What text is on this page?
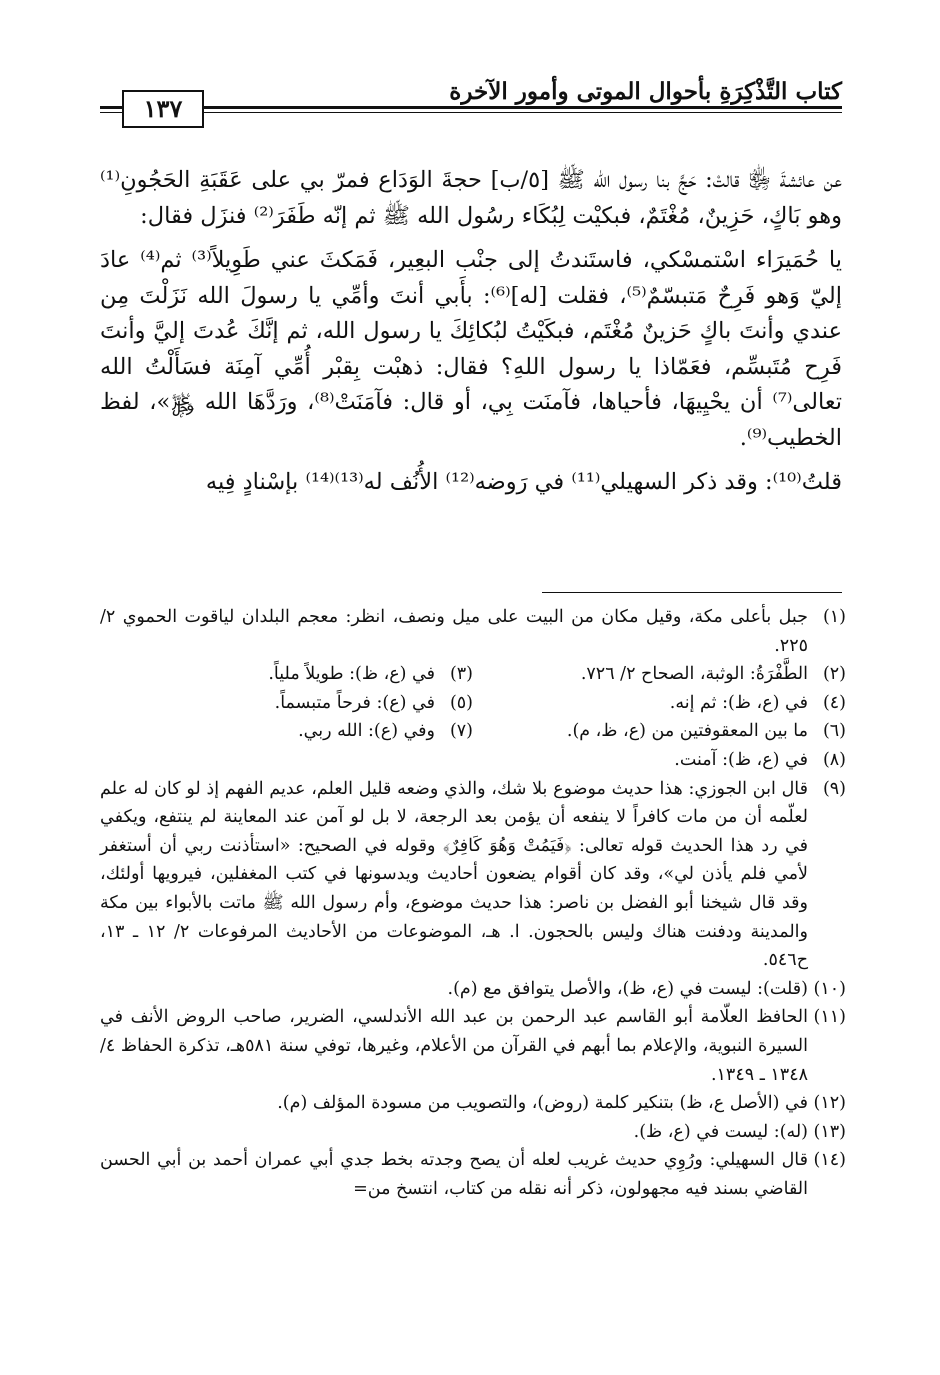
كتاب التَّذْكِرَةِ بأحوال الموتى وأمور الآخرة
١٣٧

عن عائشةَ ﵂ قالتْ: حَجَّ بنا رسول الله ﷺ [٥/ب] حجةَ الوَدَاع فمرّ بي على عَقَبَةِ الحَجُونِ⁽¹⁾ وهو بَاكٍ، حَزِينٌ، مُغْتَمٌ، فبكيْت لِبُكَاء رسُول الله ﷺ ثم إنّه طَفَرَ⁽²⁾ فنزَل فقال:

يا حُمَيرَاء اسْتمسْكي، فاستَندتُ إلى جنْب البعِير، فَمَكثَ عني طَوِيلاً⁽³⁾ ثم⁽⁴⁾ عادَ إليّ وَهو فَرِحٌ مَتبسّمٌ⁽⁵⁾، فقلت [له]⁽⁶⁾: بأَبي أنتَ وأمِّي يا رسولَ الله نَزَلْتَ مِن عندي وأنتَ باكٍ حَزينٌ مُغْتَم، فبكَيْتُ لبُكائِكَ يا رسول الله، ثم إنَّكَ عُدتَ إليَّ وأنتَ فَرِح مُتَبسِّم، فعَمّاذا يا رسول اللهِ؟ فقال: ذهبْت بِقبْر أُمِّي آمِنَة فسَأَلْتُ الله تعالى⁽⁷⁾ أن يحْيِيهَا، فأحياها، فآمنَت بِي، أو قال: فآمَنَتْ⁽⁸⁾، ورَدَّهَا الله ﷿»، لفظ الخطيب⁽⁹⁾.

قلتُ⁽¹⁰⁾: وقد ذكر السهيلي⁽¹¹⁾ في رَوضه⁽¹²⁾ الأُنُف له⁽¹³⁾⁽¹⁴⁾ بإسْنادٍ فِيه

(١)
جبل بأعلى مكة، وقيل مكان من البيت على ميل ونصف، انظر: معجم البلدان لياقوت الحموي ٢/ ٢٢٥.
(٢)
الطَّفْرَةُ: الوثبة، الصحاح ٢/ ٧٢٦.
(٣)
في (ع، ظ): طويلاً ملياً.
(٤)
في (ع، ظ): ثم إنه.
(٥)
في (ع): فرحاً متبسماً.
(٦)
ما بين المعقوفتين من (ع، ظ، م).
(٧)
وفي (ع): الله ربي.
(٨)
في (ع، ظ): آمنت.
(٩)
قال ابن الجوزي: هذا حديث موضوع بلا شك، والذي وضعه قليل العلم، عديم الفهم إذ لو كان له علم لعلّمه أن من مات كافراً لا ينفعه أن يؤمن بعد الرجعة، لا بل لو آمن عند المعاينة لم ينتفع، ويكفي في رد هذا الحديث قوله تعالى: ﴿فَيَمُتْ وَهُوَ كَافِرٌ﴾ وقوله في الصحيح: «استأذنت ربي أن أستغفر لأمي فلم يأذن لي»، وقد كان أقوام يضعون أحاديث ويدسونها في كتب المغفلين، فيرويها أولئك، وقد قال شيخنا أبو الفضل بن ناصر: هذا حديث موضوع، وأم رسول الله ﷺ ماتت بالأبواء بين مكة والمدينة ودفنت هناك وليس بالحجون. ا. هـ، الموضوعات من الأحاديث المرفوعات ٢/ ١٢ ـ ١٣، ح٥٤٦.
(١٠)
(قلت): ليست في (ع، ظ)، والأصل يتوافق مع (م).
(١١)
الحافظ العلّامة أبو القاسم عبد الرحمن بن عبد الله الأندلسي، الضرير، صاحب الروض الأنف في السيرة النبوية، والإعلام بما أبهم في القرآن من الأعلام، وغيرها، توفي سنة ٥٨١هـ، تذكرة الحفاظ ٤/ ١٣٤٨ ـ ١٣٤٩.
(١٢)
في (الأصل ع، ظ) بتنكير كلمة (روض)، والتصويب من مسودة المؤلف (م).
(١٣)
(له): ليست في (ع، ظ).
(١٤)
قال السهيلي: ورُوِي حديث غريب لعله أن يصح وجدته بخط جدي أبي عمران أحمد بن أبي الحسن القاضي بسند فيه مجهولون، ذكر أنه نقله من كتاب، انتسخ من=
